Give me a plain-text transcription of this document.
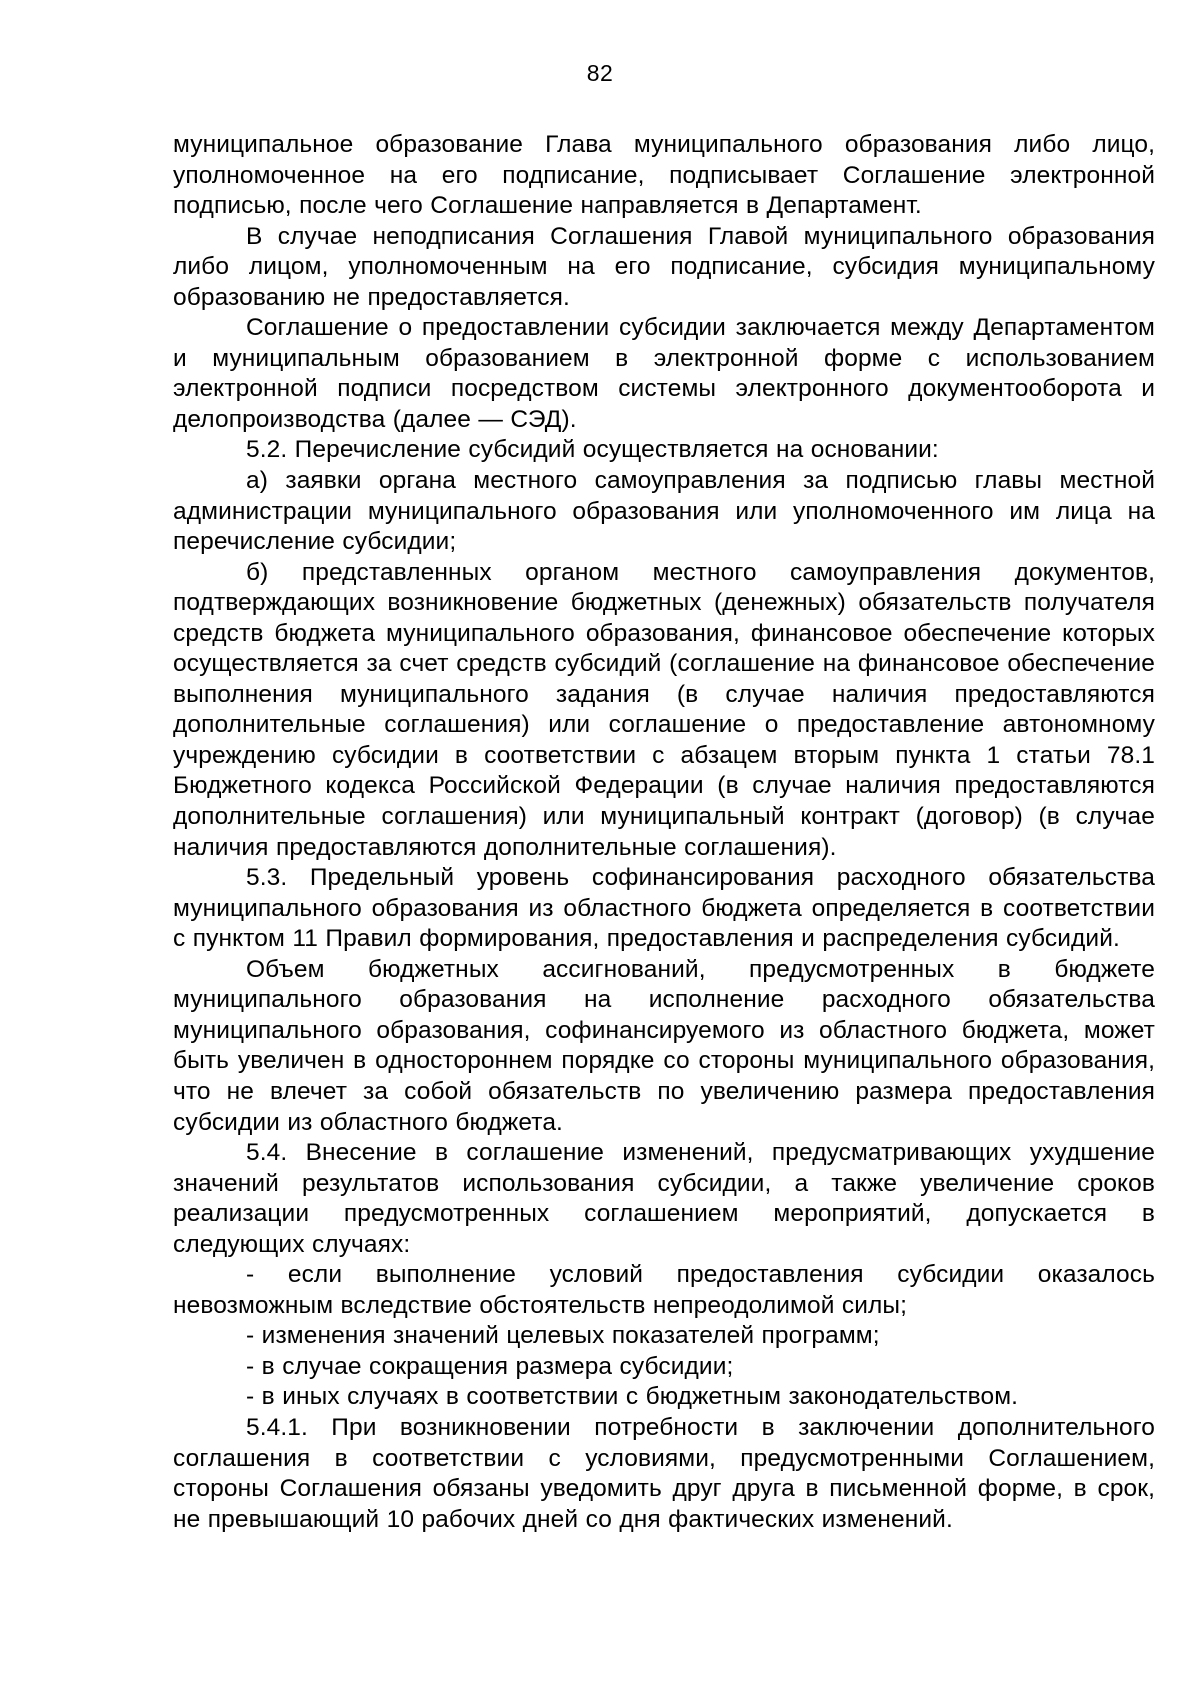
82

муниципальное образование Глава муниципального образования либо лицо, уполномоченное на его подписание, подписывает Соглашение электронной подписью, после чего Соглашение направляется в Департамент.

В случае неподписания Соглашения Главой муниципального образования либо лицом, уполномоченным на его подписание, субсидия муниципальному образованию не предоставляется.

Соглашение о предоставлении субсидии заключается между Департаментом и муниципальным образованием в электронной форме с использованием электронной подписи посредством системы электронного документооборота и делопроизводства (далее — СЭД).

5.2. Перечисление субсидий осуществляется на основании:

а) заявки органа местного самоуправления за подписью главы местной администрации муниципального образования или уполномоченного им лица на перечисление субсидии;

б) представленных органом местного самоуправления документов, подтверждающих возникновение бюджетных (денежных) обязательств получателя средств бюджета муниципального образования, финансовое обеспечение которых осуществляется за счет средств субсидий (соглашение на финансовое обеспечение выполнения муниципального задания (в случае наличия предоставляются дополнительные соглашения) или соглашение о предоставление автономному учреждению субсидии в соответствии с абзацем вторым пункта 1 статьи 78.1 Бюджетного кодекса Российской Федерации (в случае наличия предоставляются дополнительные соглашения) или муниципальный контракт (договор) (в случае наличия предоставляются дополнительные соглашения).

5.3. Предельный уровень софинансирования расходного обязательства муниципального образования из областного бюджета определяется в соответствии с пунктом 11 Правил формирования, предоставления и распределения субсидий.

Объем бюджетных ассигнований, предусмотренных в бюджете муниципального образования на исполнение расходного обязательства муниципального образования, софинансируемого из областного бюджета, может быть увеличен в одностороннем порядке со стороны муниципального образования, что не влечет за собой обязательств по увеличению размера предоставления субсидии из областного бюджета.

5.4. Внесение в соглашение изменений, предусматривающих ухудшение значений результатов использования субсидии, а также увеличение сроков реализации предусмотренных соглашением мероприятий, допускается в следующих случаях:

- если выполнение условий предоставления субсидии оказалось невозможным вследствие обстоятельств непреодолимой силы;

- изменения значений целевых показателей программ;

- в случае сокращения размера субсидии;

- в иных случаях в соответствии с бюджетным законодательством.

5.4.1. При возникновении потребности в заключении дополнительного соглашения в соответствии с условиями, предусмотренными Соглашением, стороны Соглашения обязаны уведомить друг друга в письменной форме, в срок, не превышающий 10 рабочих дней со дня фактических изменений.
